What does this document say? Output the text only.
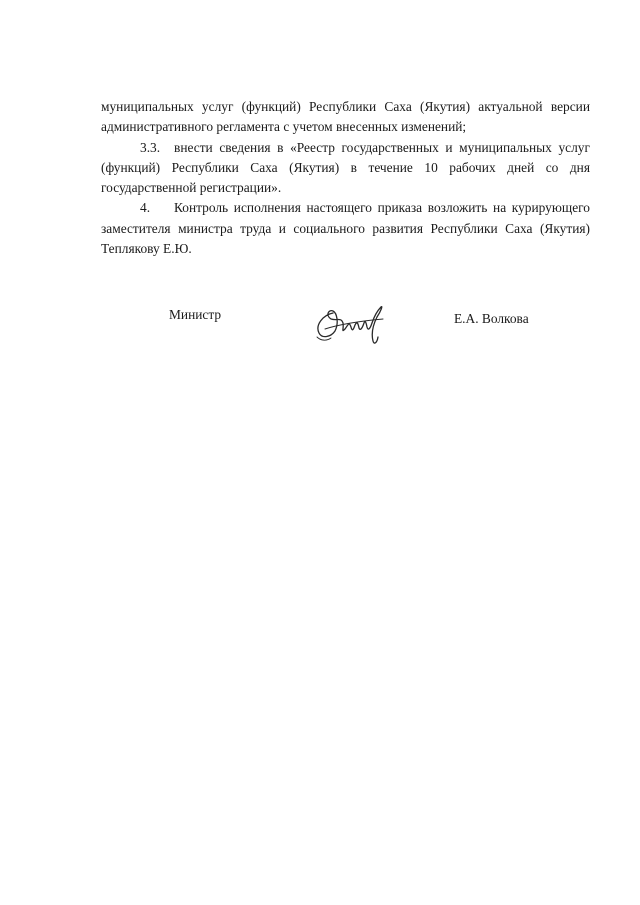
муниципальных услуг (функций) Республики Саха (Якутия) актуальной версии административного регламента с учетом внесенных изменений;

3.3. внести сведения в «Реестр государственных и муниципальных услуг (функций) Республики Саха (Якутия) в течение 10 рабочих дней со дня государственной регистрации».

4. Контроль исполнения настоящего приказа возложить на курирующего заместителя министра труда и социального развития Республики Саха (Якутия) Теплякову Е.Ю.

Министр	Е.А. Волкова
